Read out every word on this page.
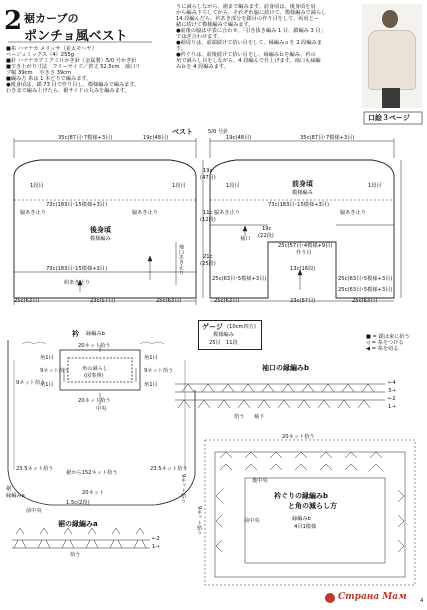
2 裾カーブの
ポンチョ風ベスト
■糸 ハマナカ メリッサ（並太モヘヤ）
ベージュミックス（4）255g
■針 ハマナカアミアミ片かぎ針（金属製）5/0 号かぎ針
■でき上がり寸法　フリーサイズ／着丈 52.5cm　袖口リ
ブ幅 39cm 　やきさ 39cm
■編み方 糸は 1 本どりで編みます。
●後身頃は、鎖 73 目で作り目し、模様編みで編みます。
わきまで編み上げたら、裾サイドの丸みを編みます。
うに減らしながら、裾まで編みます。前身頃は、後身頃を肩
から編み下ろしてから、それぞれ脇に続けて、模様編みで減らし
14 段編んだら、衿あき部分を鎖目の作り目をして、両肩とー
緒に続けて模様編みで編みます。
●前後の脇は中表に合わせ、「引き抜き編み 1 目、鎖編み 3 目」
ではぎ合わせます。
●裾周りは、前端続けて拾い目をして、縁編みａを 2 段編みま
す。
●衿ぐりは、前後続けて拾い目をし、縁編みｂを編み、衿の
角で減らし目をしながら、4 段編んで仕上げます。袖口も縁編
みｂを 4 段編みます。
口絵３ページ
ベスト	5/0 号針
35c(87目･7模様+3目)	19c(48目)	35c(87目･7模様+3目)
19c(48目)
1段目	1段目	1段目	1段目
73c(183目･15模様+3目)	73c(183目･15模様+3目)
73c(183目･15模様+3目)
後身頃
模様編み
前身頃
模様編み
脇あき止り	脇あき止り	脇あき止り	脇あき止り
袖口あき止り
袖口
19c
(47目)
11c
(12段)
21c
(25段)
13c(16段)
19c
(22段)
25c(57目･4模様+9目)
作り目
25c(63目･5模様+3目)	25c(63目･5模様+3目)
25c(63目･5模様+3目)
約あき止り
25c(63目)	23c(57目)	25c(63目)	25c(63目)	23c(57目)	25c(63目)
ゲージ (10cm四方)
模様編み
25目　11段
■ = 鎖は束に拾う
◁ = 糸をつける
◀ = 糸を切る
衿 縁編みb
20ネット拾う
角1目	角1目
角1目	角1目
9ネット拾う	9ネット拾う
角の減らし
(図参照)
20ネット拾う
中央
9ネット拾う
9ネット拾う
23.5ネット拾う	23.5ネット拾う
裾から152ネット拾う
20ネット
1.5c(2段)
裾
縁編みa
前中央
裾の縁編みa
←2
1→
拾う
袖口の縁編みb
←4
3→
←2
1→
袖下
拾う
20ネット拾う
後中央
衿ぐりの縁編みb
と角の減らし方
縁編みb
4目1模様
前中央
9ネット拾う
4
Страна Мам
